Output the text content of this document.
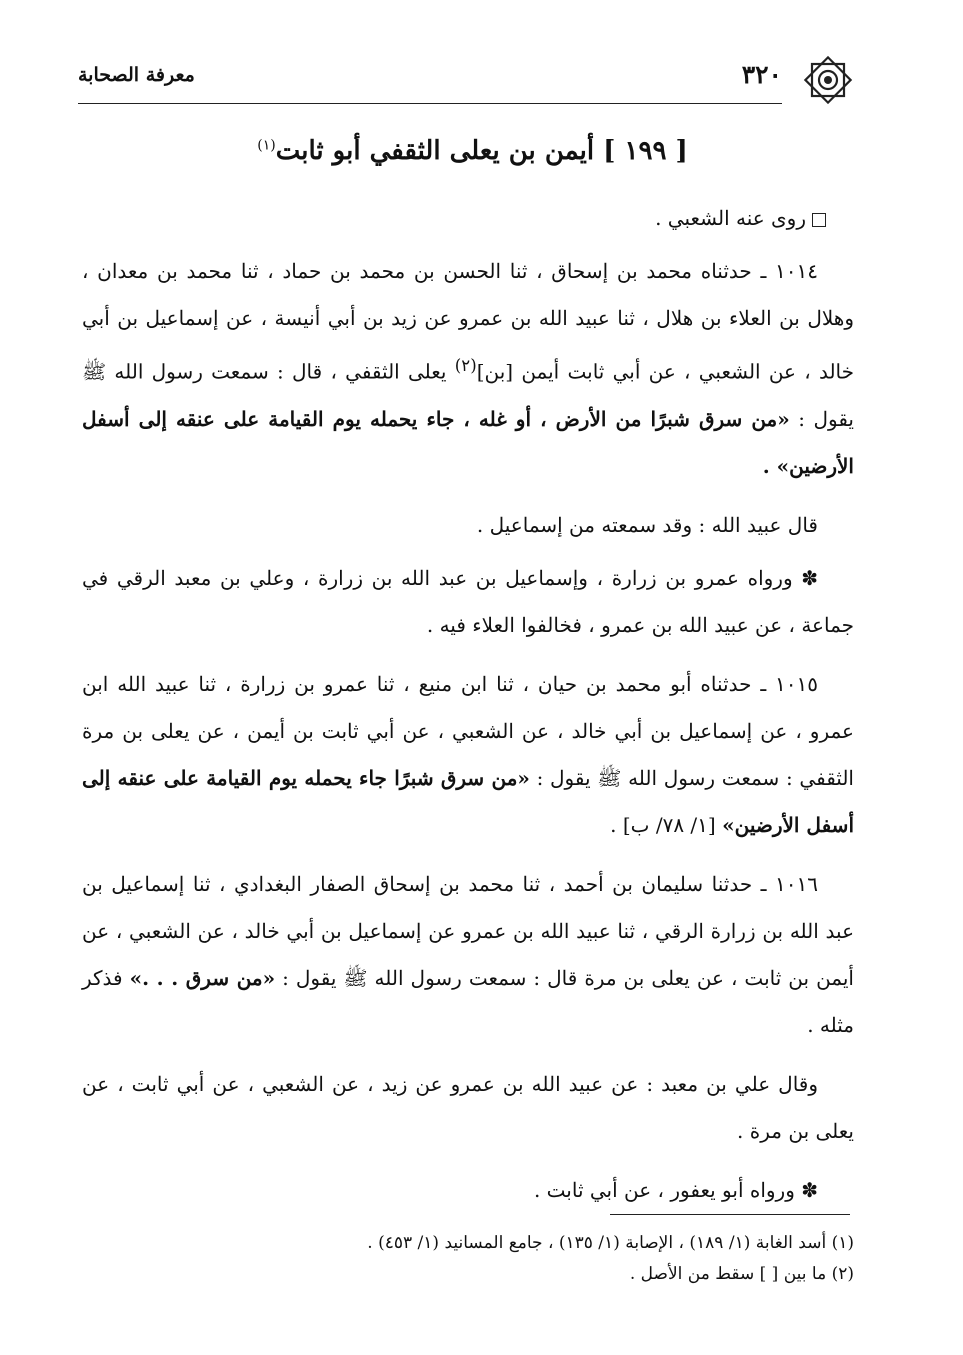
٣٢٠
معرفة الصحابة
[ ١٩٩ ] أيمن بن يعلى الثقفي أبو ثابت$^{(١)}$

روى عنه الشعبي .

١٠١٤ ـ حدثناه محمد بن إسحاق ، ثنا الحسن بن محمد بن حماد ، ثنا محمد بن معدان ، وهلال بن العلاء بن هلال ، ثنا عبيد الله بن عمرو عن زيد بن أبي أنيسة ، عن إسماعيل بن أبي خالد ، عن الشعبي ، عن أبي ثابت أيمن [بن]$^{(٢)}$ يعلى الثقفي ، قال : سمعت رسول الله ﷺ يقول : «من سرق شبرًا من الأرض ، أو غله ، جاء يحمله يوم القيامة على عنقه إلى أسفل الأرضين» .

قال عبيد الله : وقد سمعته من إسماعيل .

✽ ورواه عمرو بن زرارة ، وإسماعيل بن عبد الله بن زرارة ، وعلي بن معبد الرقي في جماعة ، عن عبيد الله بن عمرو ، فخالفوا العلاء فيه .

١٠١٥ ـ حدثناه أبو محمد بن حيان ، ثنا ابن منيع ، ثنا عمرو بن زرارة ، ثنا عبيد الله ابن عمرو ، عن إسماعيل بن أبي خالد ، عن الشعبي ، عن أبي ثابت بن أيمن ، عن يعلى بن مرة الثقفي : سمعت رسول الله ﷺ يقول : «من سرق شبرًا جاء يحمله يوم القيامة على عنقه إلى أسفل الأرضين» [١/ ٧٨/ ب] .

١٠١٦ ـ حدثنا سليمان بن أحمد ، ثنا محمد بن إسحاق الصفار البغدادي ، ثنا إسماعيل بن عبد الله بن زرارة الرقي ، ثنا عبيد الله بن عمرو عن إسماعيل بن أبي خالد ، عن الشعبي ، عن أيمن بن ثابت ، عن يعلى بن مرة قال : سمعت رسول الله ﷺ يقول : «من سرق . . .» فذكر مثله .

وقال علي بن معبد : عن عبيد الله بن عمرو عن زيد ، عن الشعبي ، عن أبي ثابت ، عن يعلى بن مرة .

✽ ورواه أبو يعفور ، عن أبي ثابت .

(١) أسد الغابة (١/ ١٨٩) ، الإصابة (١/ ١٣٥) ، جامع المسانيد (١/ ٤٥٣) .

(٢) ما بين [ ] سقط من الأصل .
